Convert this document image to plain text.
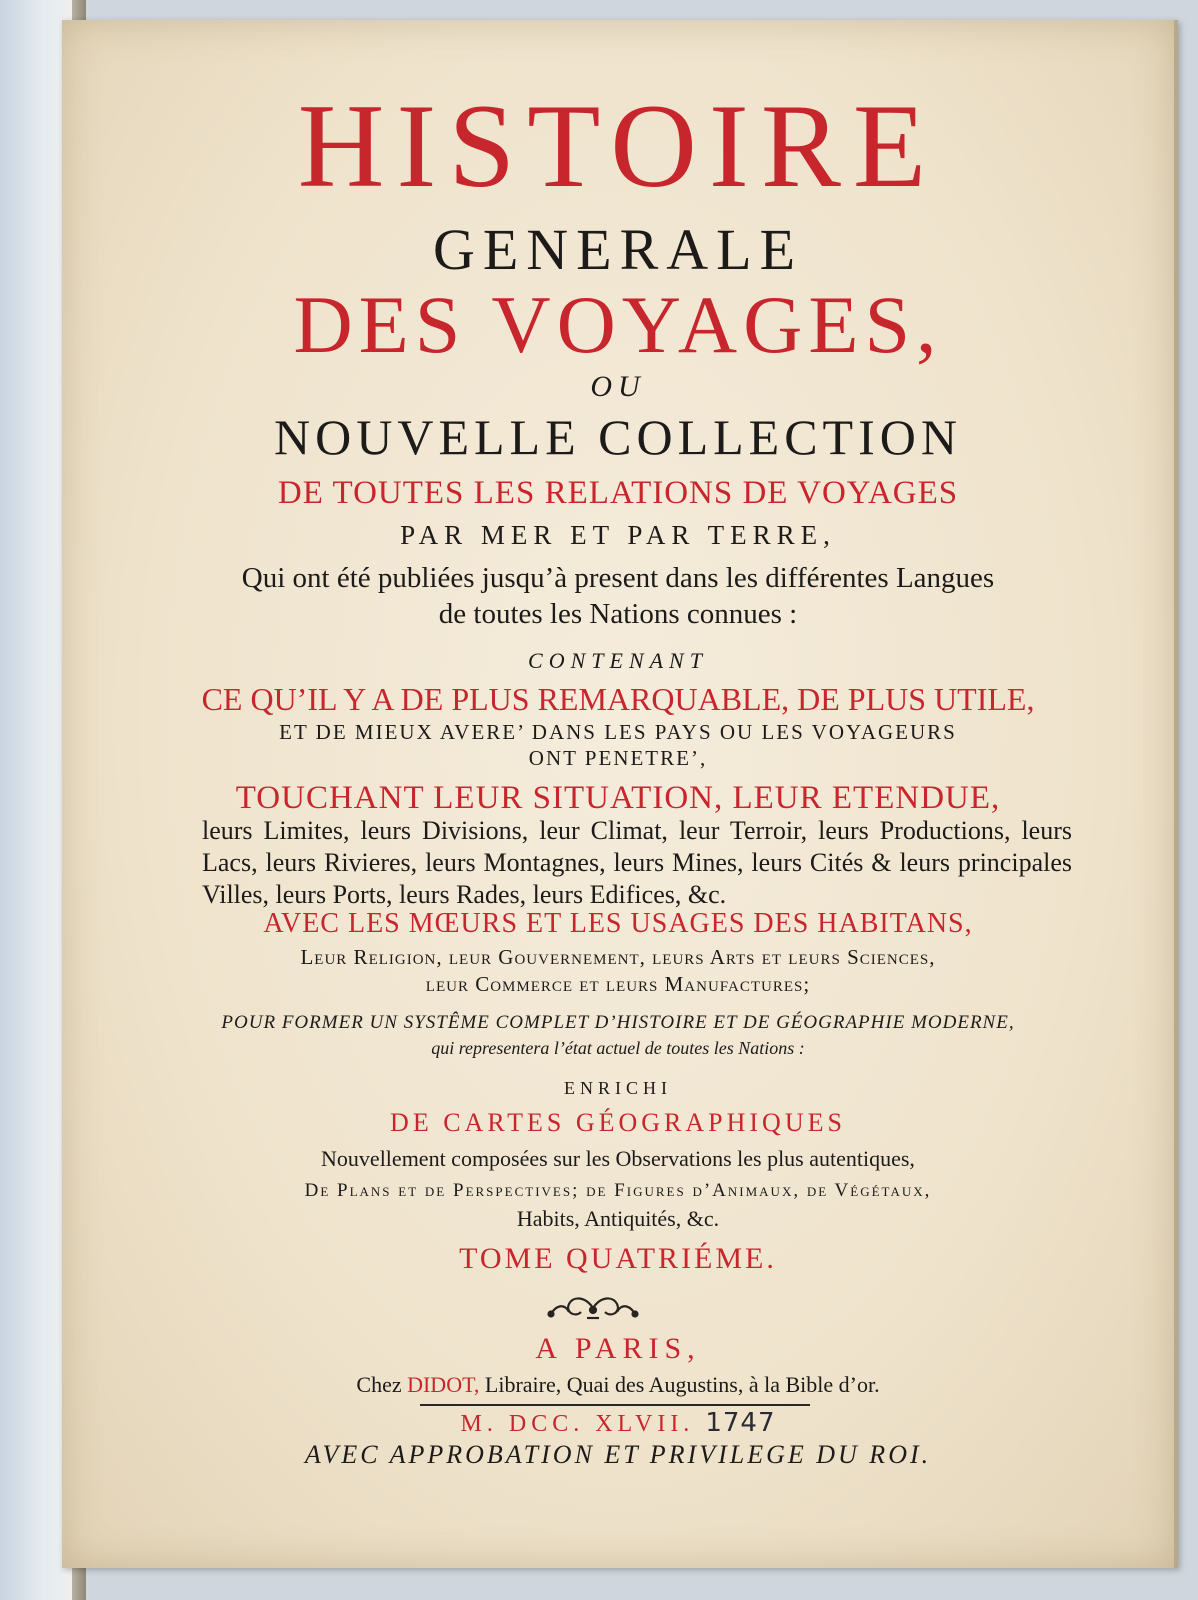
HISTOIRE
GENERALE
DES VOYAGES,
OU
NOUVELLE COLLECTION
DE TOUTES LES RELATIONS DE VOYAGES
PAR MER ET PAR TERRE,
Qui ont été publiées jusqu’à present dans les différentes Langues
de toutes les Nations connues :
CONTENANT
CE QU’IL Y A DE PLUS REMARQUABLE, DE PLUS UTILE,
ET DE MIEUX AVERE’ DANS LES PAYS OU LES VOYAGEURS
ONT PENETRE’,
TOUCHANT LEUR SITUATION, LEUR ETENDUE,
leurs Limites, leurs Divisions, leur Climat, leur Terroir, leurs Productions, leurs Lacs, leurs Rivieres, leurs Montagnes, leurs Mines, leurs Cités & leurs principales Villes, leurs Ports, leurs Rades, leurs Edifices, &c.
AVEC LES MŒURS ET LES USAGES DES HABITANS,
Leur Religion, leur Gouvernement, leurs Arts et leurs Sciences,
leur Commerce et leurs Manufactures;
POUR FORMER UN SYSTÊME COMPLET D’HISTOIRE ET DE GÉOGRAPHIE MODERNE,
qui representera l’état actuel de toutes les Nations :
ENRICHI
DE CARTES GÉOGRAPHIQUES
Nouvellement composées sur les Observations les plus autentiques,
De Plans et de Perspectives; de Figures d’Animaux, de Végétaux,
Habits, Antiquités, &c.
TOME QUATRIÉME.
A PARIS,
Chez DIDOT, Libraire, Quai des Augustins, à la Bible d’or.
M. DCC. XLVII. 1747
AVEC APPROBATION ET PRIVILEGE DU ROI.
